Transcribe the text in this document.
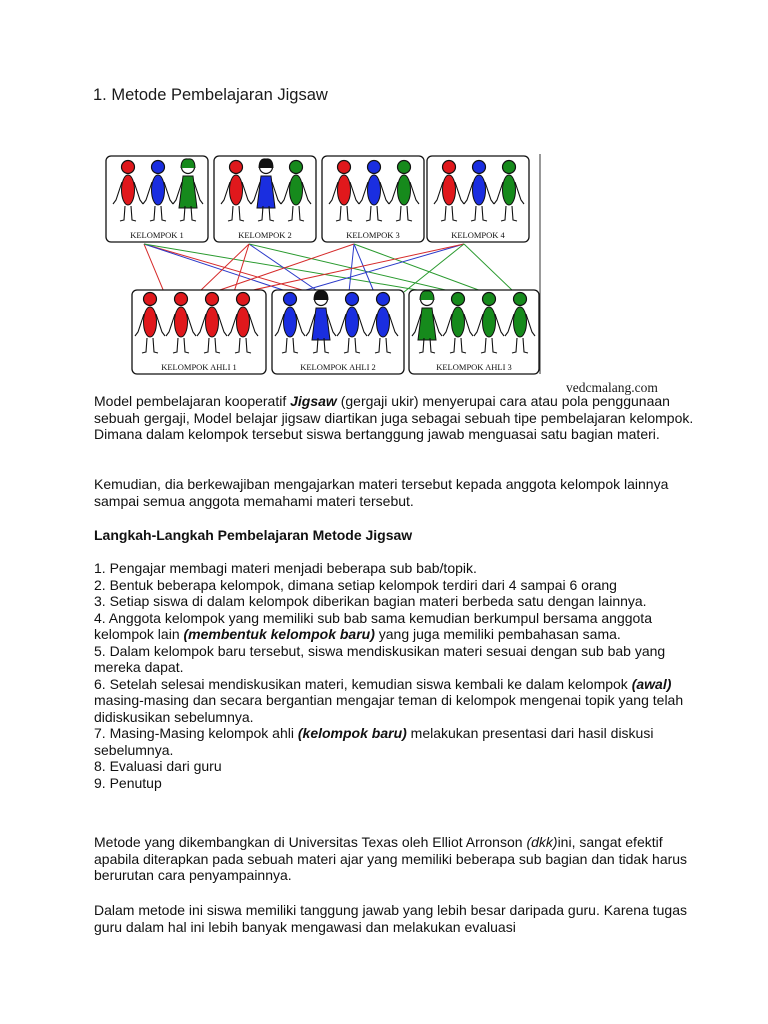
1. Metode Pembelajaran Jigsaw
KELOMPOK 1	KELOMPOK 2	KELOMPOK 3	KELOMPOK 4
KELOMPOK AHLI 1	KELOMPOK AHLI 2	KELOMPOK AHLI 3
vedcmalang.com

Model pembelajaran kooperatif Jigsaw (gergaji ukir) menyerupai cara atau pola penggunaan sebuah gergaji, Model belajar jigsaw diartikan juga sebagai sebuah tipe pembelajaran kelompok. Dimana dalam kelompok tersebut siswa bertanggung jawab menguasai satu bagian materi.

Kemudian, dia berkewajiban mengajarkan materi tersebut kepada anggota kelompok lainnya sampai semua anggota memahami materi tersebut.

Langkah-Langkah Pembelajaran Metode Jigsaw

1. Pengajar membagi materi menjadi beberapa sub bab/topik.

2. Bentuk beberapa kelompok, dimana setiap kelompok terdiri dari 4 sampai 6 orang

3. Setiap siswa di dalam kelompok diberikan bagian materi berbeda satu dengan lainnya.

4. Anggota kelompok yang memiliki sub bab sama kemudian berkumpul bersama anggota kelompok lain (membentuk kelompok baru) yang juga memiliki pembahasan sama.

5. Dalam kelompok baru tersebut, siswa mendiskusikan materi sesuai dengan sub bab yang mereka dapat.

6. Setelah selesai mendiskusikan materi, kemudian siswa kembali ke dalam kelompok (awal) masing-masing dan secara bergantian mengajar teman di kelompok mengenai topik yang telah didiskusikan sebelumnya.

7. Masing-Masing kelompok ahli (kelompok baru) melakukan presentasi dari hasil diskusi sebelumnya.

8. Evaluasi dari guru

9. Penutup

Metode yang dikembangkan di Universitas Texas oleh Elliot Arronson (dkk)ini, sangat efektif apabila diterapkan pada sebuah materi ajar yang memiliki beberapa sub bagian dan tidak harus berurutan cara penyampainnya.

Dalam metode ini siswa memiliki tanggung jawab yang lebih besar daripada guru. Karena tugas guru dalam hal ini lebih banyak mengawasi dan melakukan evaluasi
